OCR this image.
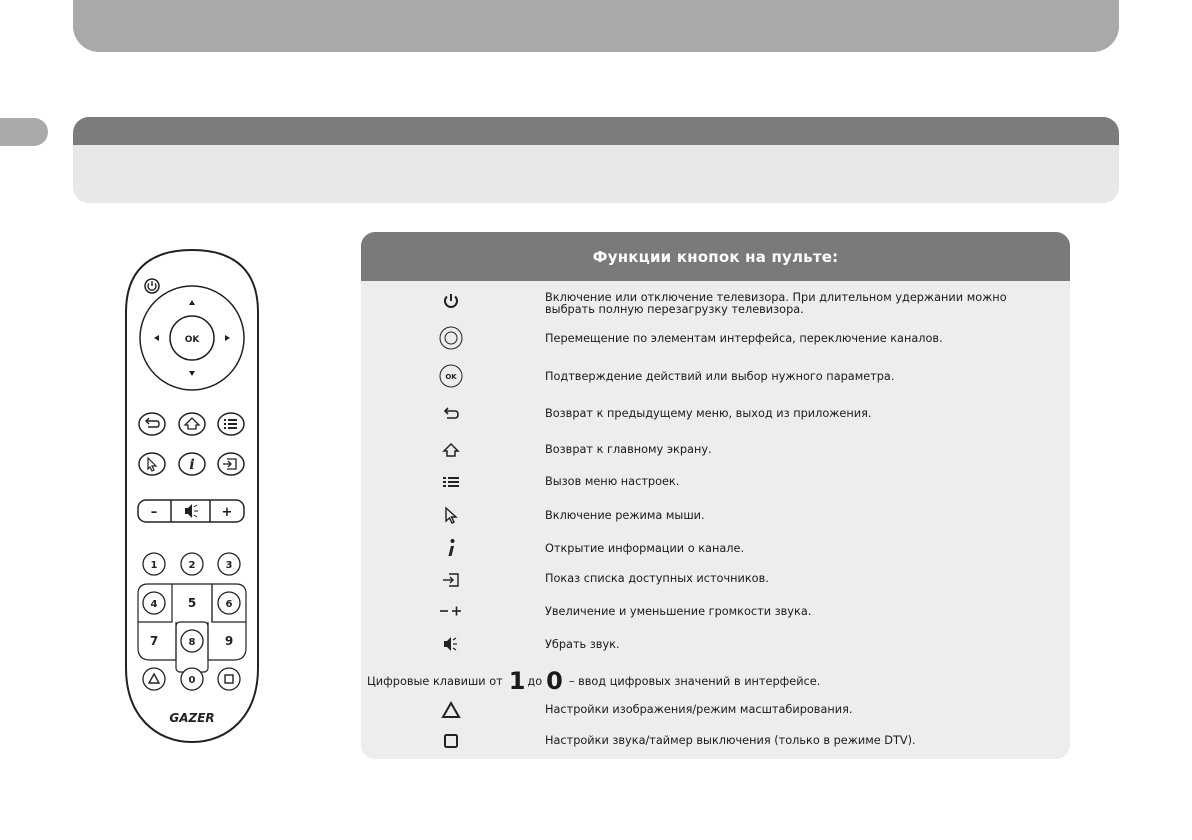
OK
i
–	+
1	2	3
4	5	6
7	8 9
0
GAZER
Функции кнопок на пульте:
Включение или отключение телевизора. При длительном удержании можно выбрать полную перезагрузку телевизора.
Перемещение по элементам интерфейса, переключение каналов.
OK	Подтверждение действий или выбор нужного параметра.
Возврат к предыдущему меню, выход из приложения.
Возврат к главному экрану.
Вызов меню настроек.
Включение режима мыши.
Открытие информации о канале.
Показ списка доступных источников.
Увеличение и уменьшение громкости звука.
Убрать звук.
Цифровые клавиши от 1 до 0 – ввод цифровых значений в интерфейсе.
Настройки изображения/режим масштабирования.
Настройки звука/таймер выключения (только в режиме DTV).
